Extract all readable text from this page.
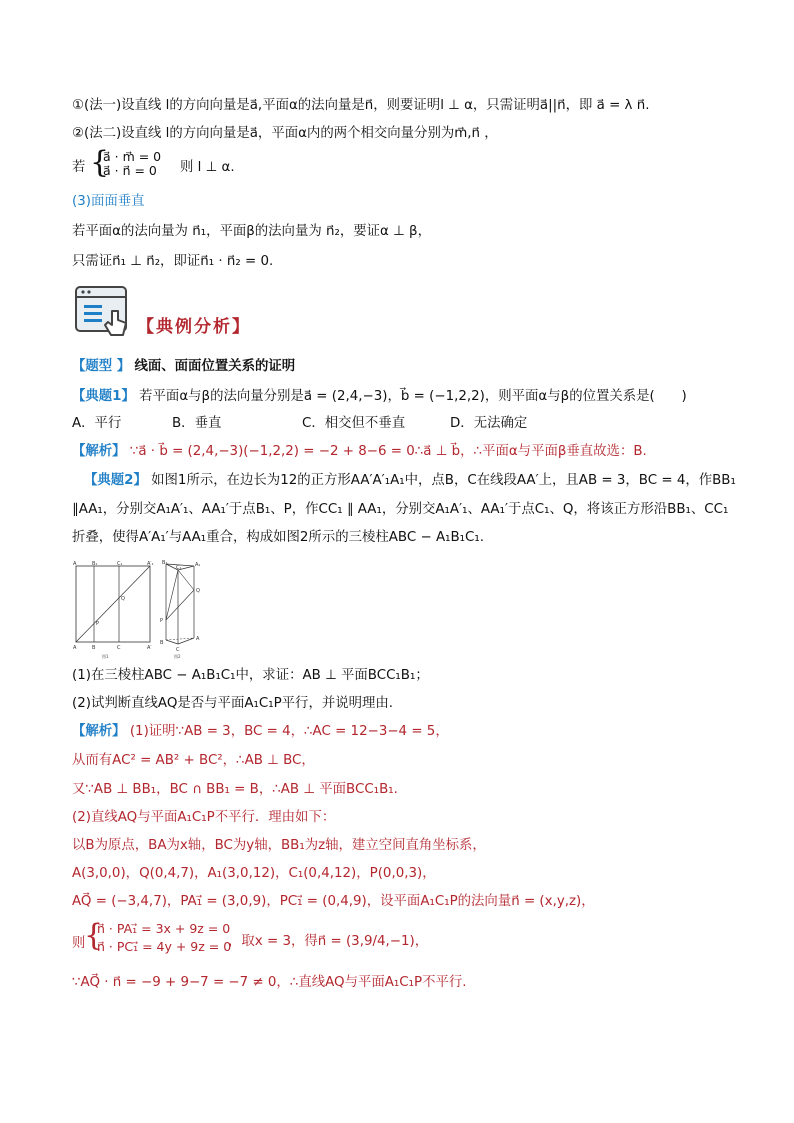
①(法一)设直线 l的方向向量是a⃗,平面α的法向量是n⃗，则要证明l ⊥ α，只需证明a⃗||n⃗，即 a⃗ = λ n⃗.
②(法二)设直线 l的方向向量是a⃗，平面α内的两个相交向量分别为m⃗,n⃗ ，
若 {
a⃗ · m⃗ = 0
a⃗ · n⃗ = 0 则 l ⊥ α.
(3)面面垂直
若平面α的法向量为 n⃗₁，平面β的法向量为 n⃗₂，要证α ⊥ β，
只需证n⃗₁ ⊥ n⃗₂，即证n⃗₁ · n⃗₂ = 0.
【典例分析】
【题型 】 线面、面面位置关系的证明
【典题1】 若平面α与β的法向量分别是a⃗ = (2,4,−3)，b⃗ = (−1,2,2)，则平面α与β的位置关系是(　　)
A．平行	B．垂直	C．相交但不垂直	D．无法确定
【解析】 ∵a⃗ · b⃗ = (2,4,−3)(−1,2,2) = −2 + 8−6 = 0∴a⃗ ⊥ b⃗，∴平面α与平面β垂直故选：B.
【典题2】 如图1所示，在边长为12的正方形AA′A′₁A₁中，点B，C在线段AA′上，且AB = 3，BC = 4，作BB₁
∥AA₁，分别交A₁A′₁、AA₁′于点B₁、P，作CC₁ ∥ AA₁，分别交A₁A′₁、AA₁′于点C₁、Q，将该正方形沿BB₁、CC₁
折叠，使得A′A₁′与AA₁重合，构成如图2所示的三棱柱ABC − A₁B₁C₁.
A	B₁	C₁	A′₁
Q
P
A	B	C	A′
图1
B₁
C₁	A₁
Q
P
B
C
A
图2
(1)在三棱柱ABC − A₁B₁C₁中，求证：AB ⊥ 平面BCC₁B₁；
(2)试判断直线AQ是否与平面A₁C₁P平行，并说明理由.
【解析】 (1)证明∵AB = 3，BC = 4，∴AC = 12−3−4 = 5，
从而有AC² = AB² + BC²，∴AB ⊥ BC，
又∵AB ⊥ BB₁，BC ∩ BB₁ = B，∴AB ⊥ 平面BCC₁B₁.
(2)直线AQ与平面A₁C₁P不平行．理由如下：
以B为原点，BA为x轴，BC为y轴，BB₁为z轴，建立空间直角坐标系，
A(3,0,0)，Q(0,4,7)，A₁(3,0,12)，C₁(0,4,12)，P(0,0,3)，
AQ⃗ = (−3,4,7)，PA₁⃗ = (3,0,9)，PC₁⃗ = (0,4,9)，设平面A₁C₁P的法向量n⃗ = (x,y,z)，
则
{
n⃗ · PA₁⃗ = 3x + 9z = 0
n⃗ · PC₁⃗ = 4y + 9z = 0
，取x = 3，得n⃗ = (3,9/4,−1)，
∵AQ⃗ · n⃗ = −9 + 9−7 = −7 ≠ 0，∴直线AQ与平面A₁C₁P不平行.
